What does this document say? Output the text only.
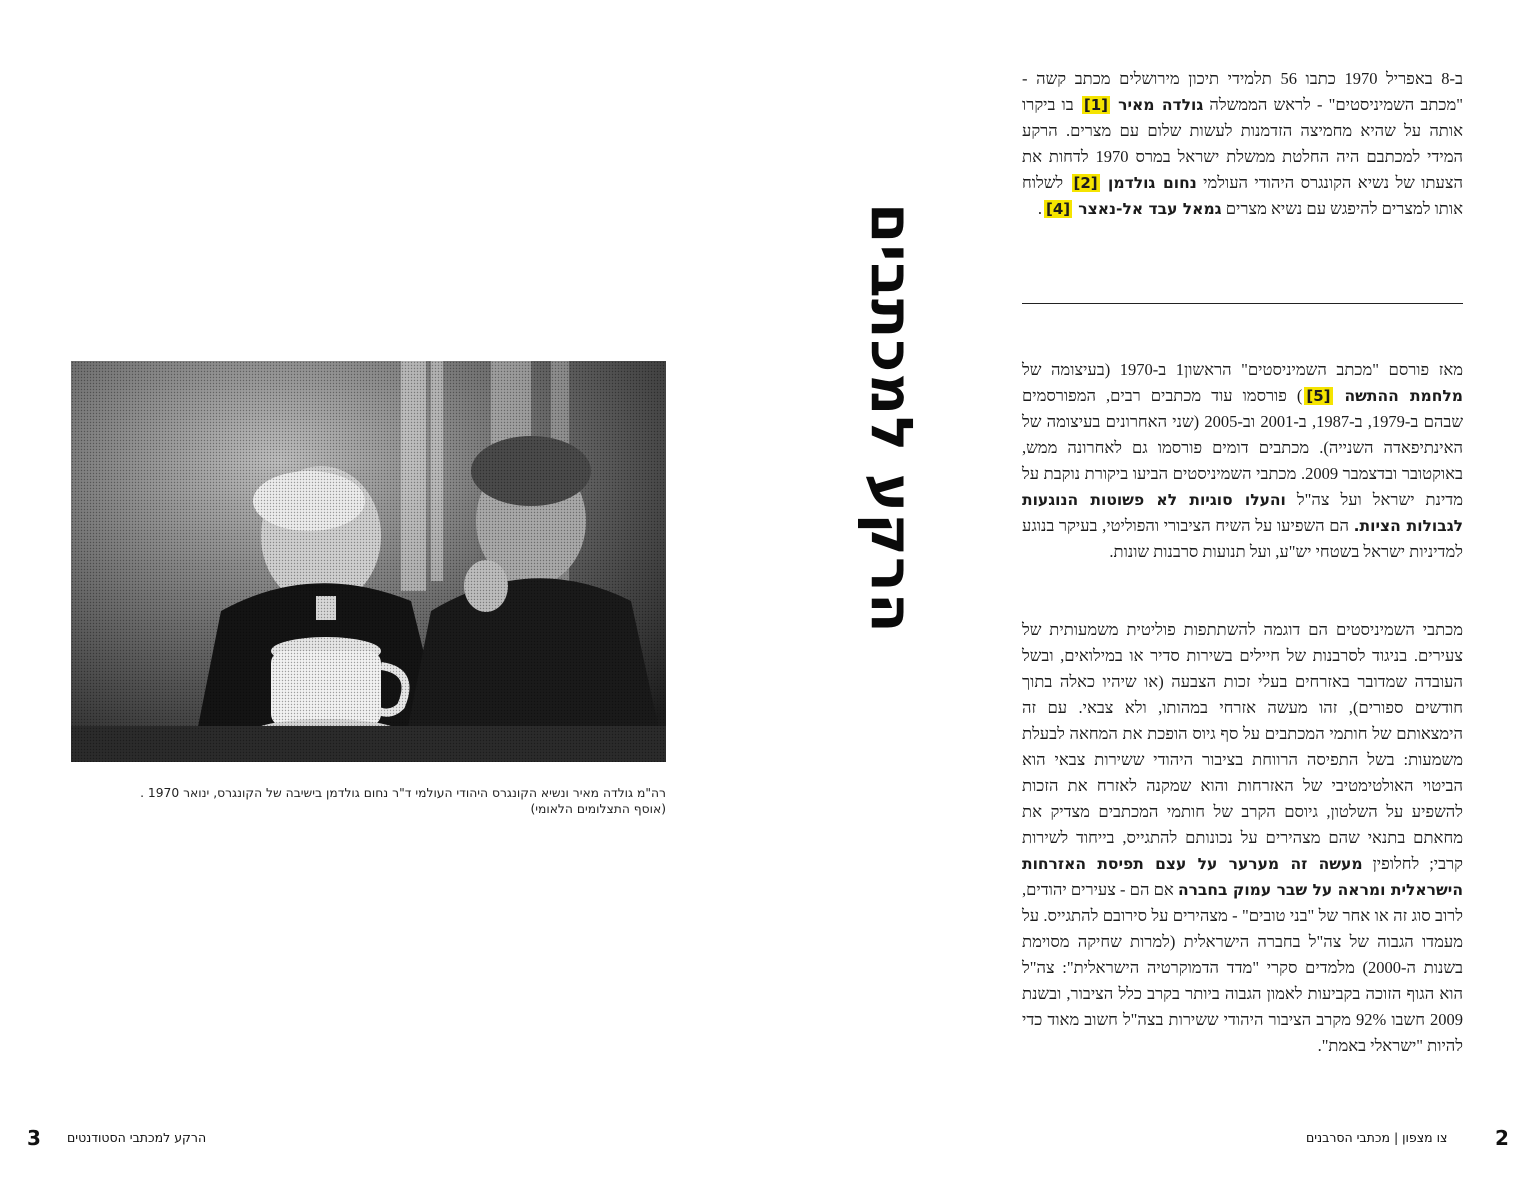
ב-8 באפריל 1970 כתבו 56 תלמידי תיכון מירושלים מכתב קשה - "מכתב השמיניסטים" - לראש הממשלה גולדה מאיר [1] בו ביקרו אותה על שהיא מחמיצה הזדמנות לעשות שלום עם מצרים. הרקע המידי למכתבם היה החלטת ממשלת ישראל במרס 1970 לדחות את הצעתו של נשיא הקונגרס היהודי העולמי נחום גולדמן [2] לשלוח אותו למצרים להיפגש עם נשיא מצרים גמאל עבד אל-נאצר [4].

מאז פורסם "מכתב השמיניסטים" הראשון1 ב-1970 (בעיצומה של מלחמת ההתשה [5]) פורסמו עוד מכתבים רבים, המפורסמים שבהם ב-1979, ב-1987, ב-2001 וב-2005 (שני האחרונים בעיצומה של האינתיפאדה השנייה). מכתבים דומים פורסמו גם לאחרונה ממש, באוקטובר ובדצמבר 2009. מכתבי השמיניסטים הביעו ביקורת נוקבת על מדינת ישראל ועל צה"ל והעלו סוגיות לא פשוטות הנוגעות לגבולות הציות. הם השפיעו על השיח הציבורי והפוליטי, בעיקר בנוגע למדיניות ישראל בשטחי יש"ע, ועל תנועות סרבנות שונות.

מכתבי השמיניסטים הם דוגמה להשתתפות פוליטית משמעותית של צעירים. בניגוד לסרבנות של חיילים בשירות סדיר או במילואים, ובשל העובדה שמדובר באזרחים בעלי זכות הצבעה (או שיהיו כאלה בתוך חודשים ספורים), זהו מעשה אזרחי במהותו, ולא צבאי. עם זה הימצאותם של חותמי המכתבים על סף גיוס הופכת את המחאה לבעלת משמעות: בשל התפיסה הרווחת בציבור היהודי ששירות צבאי הוא הביטוי האולטימטיבי של האזרחות והוא שמקנה לאזרח את הזכות להשפיע על השלטון, גיוסם הקרב של חותמי המכתבים מצדיק את מחאתם בתנאי שהם מצהירים על נכונותם להתגייס, בייחוד לשירות קרבי; לחלופין מעשה זה מערער על עצם תפיסת האזרחות הישראלית ומראה על שבר עמוק בחברה אם הם - צעירים יהודים, לרוב סוג זה או אחר של "בני טובים" - מצהירים על סירובם להתגייס. על מעמדו הגבוה של צה"ל בחברה הישראלית (למרות שחיקה מסוימת בשנות ה-2000) מלמדים סקרי "מדד הדמוקרטיה הישראלית": צה"ל הוא הגוף הזוכה בקביעות לאמון הגבוה ביותר בקרב כלל הציבור, ובשנת 2009 חשבו 92% מקרב הציבור היהודי ששירות בצה"ל חשוב מאוד כדי להיות "ישראלי באמת".

הרקע למכתבים
רה"מ גולדה מאיר ונשיא הקונגרס היהודי העולמי ד"ר נחום גולדמן בישיבה של הקונגרס, ינואר 1970 .
(אוסף התצלומים הלאומי)
3 הרקע למכתבי הסטודנטים	2
צו מצפון | מכתבי הסרבנים
